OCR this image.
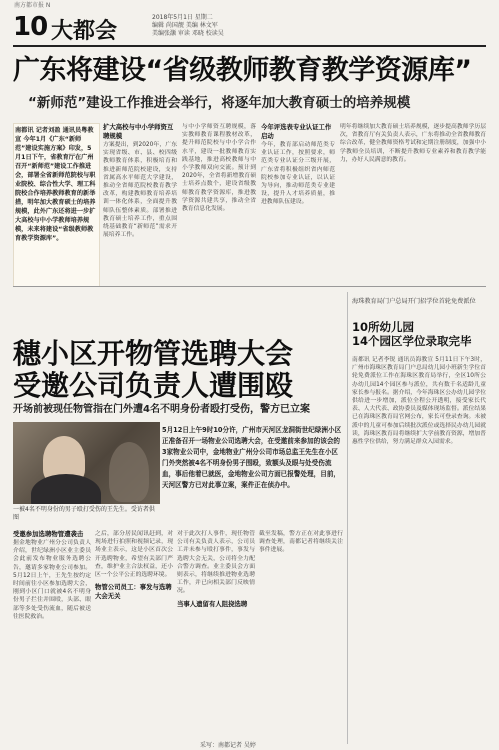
南方都市报 N
10 大都会
2018年5月1日 星期二
编辑 尚国靓 美编 林文军
美编张灏 审读 邓晓 校读吴
广东将建设“省级教师教育教学资源库”
“新师范”建设工作推进会举行，将逐年加大教育硕士的培养规模
南都讯 记者刘盈 通讯员粤教宣 今年1月《广东“新师范”建设实施方案》印发，5月1日下午，省教育厅在广州召开“新师范”建设工作推进会，部署全省新师范院校与职业院校、综合性大学、理工科院校合作培养教师教育的新举措，明年加大教育硕士的培养规模，此外广东还将进一步扩大高校与中小学教师培养规模，未来将建设“省级教师教育教学资源库”。
扩大高校与中小学师资互聘规模
方案提出，到2020年，广东实现省级、市、县、校四级教师教育体系，积极培育和推进新师范院校建设，支持省属高水平师范大学建设，推动全省师范院校教育教学改革，构建教师教育培养培训一体化体系，全面提升教师队伍整体素质。部署推进教育硕士培养工作，重点围绕基础教育“新师范”需求开展培养工作。
与中小学师资互聘规模，落实教师教育课程教材改革，提升师范院校与中小学合作水平，建设一批教师教育实践基地，推进高校教师与中小学教师双向交流。预计到2020年，全省将新增教育硕士培养点数个，建设省级教师教育教学资源库，推进教学资源共建共享，推动全省教育信息化发展。
今年评选表专业认证工作启动
今年，教育部启动师范类专业认证工作，按照要求，师范类专业认证分三级开展，广东省将积极组织省内师范院校参加专业认证，以认证为导向，推动师范类专业建设，提升人才培养质量，推进教师队伍建设。
明年将继续加大教育硕士培养规模，逐步提高教师学历层次，省教育厅有关负责人表示，广东将推动全省教师教育综合改革，健全教师资格考试和定期注册制度，加强中小学教师全员培训，不断提升教师专业素养和教育教学能力，办好人民满意的教育。
穗小区开物管选聘大会
受邀公司负责人遭围殴
开场前被现任物管指在门外遭4名不明身份者殴打受伤，警方已立案
一被4名不明身份的男子殴打受伤的王先生。受访者供图
5月12日上午9时10分许，广州市天河区龙洞街世纪绿洲小区正准备召开一场物业公司选聘大会，在受邀前来参加的该会的3家物业公司中，金地物业广州分公司市场总监王先生在小区门外突然被4名不明身份男子围殴，致额头及眼与处受伤流血，事后他着已就医，金地物业公司方面已报警处理，目前，天河区警方已对此事立案，案件正在侦办中。
受邀参加选聘物管遭袭击
据金地物业广州分公司负责人介绍，世纪绿洲小区业主委员会此前发布物业服务选聘公告，邀请多家物业公司参加。5月12日上午，王先生按约定时间前往小区参加选聘大会，刚到小区门口就被4名不明身份男子拦住并围殴，头部、眼部等多处受伤流血，随后被送往医院救治。
之后，部分居民闻讯赶到，对现场进行拍照和视频记录，现场业主表示，这是小区首次公开选聘物业，希望有关部门严查，维护业主合法权益，还小区一个公平公正的选聘环境。
物管公司员工：事发与选聘大会无关
对于此次打人事件，现任物管公司有关负责人表示，公司员工并未参与殴打事件，事发与选聘大会无关，公司将全力配合警方调查。业主委员会方面则表示，将继续推进物业选聘工作，并已向相关部门反映情况。
当事人遗留有人阻挠选聘
截至发稿，警方正在对此事进行调查处理，南都记者将继续关注事件进展。
海珠教育局门户总局开门招学位首轮免费派位
10所幼儿园
14个园区学位录取完毕
南都讯 记者李锐 通讯员海教宣 5月11日下午3时，广州市海珠区教育局门户总局幼儿园小班新生学位首轮免费派位工作在海珠区教育局举行，全区10所公办幼儿园14个园区参与派位，共有数千名适龄儿童家长参与报名。据介绍，今年海珠区公办幼儿园学位供给进一步增加，派位全程公开透明，接受家长代表、人大代表、政协委员及媒体现场监督。派位结果已在海珠区教育局官网公布，家长可登录查询。未被派中的儿童可参加后续批次派位或选择民办幼儿园就读，海珠区教育局将继续扩大学前教育资源，增加普惠性学位供给，努力满足群众入园需求。
采写：南都记者 吴婷
